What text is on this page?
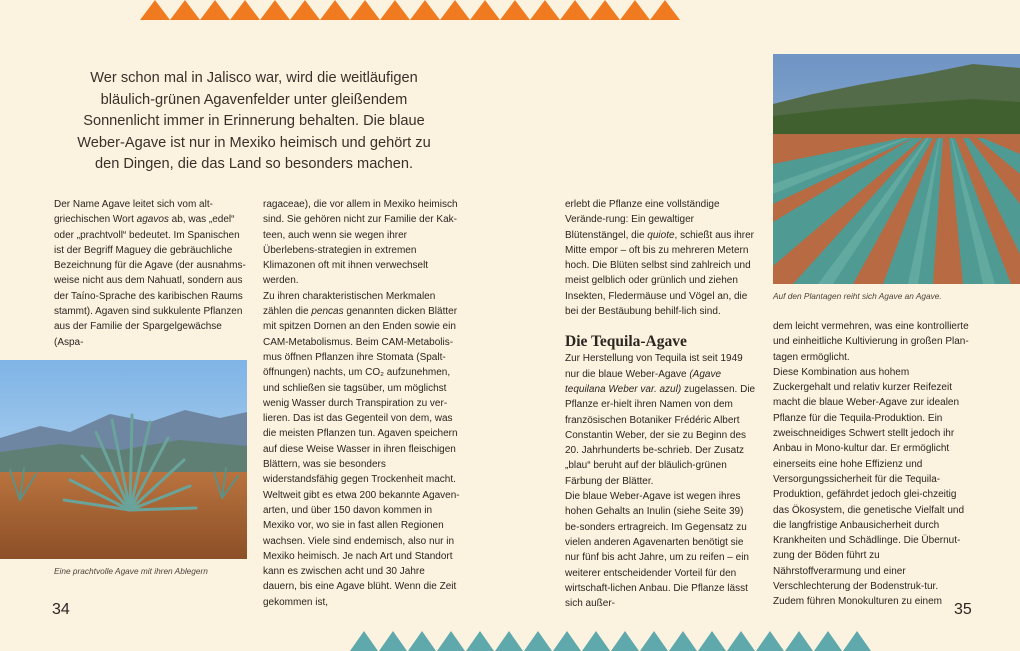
Wer schon mal in Jalisco war, wird die weitläufigen bläulich-grünen Agavenfelder unter gleißendem Sonnenlicht immer in Erinnerung behalten. Die blaue Weber-Agave ist nur in Mexiko heimisch und gehört zu den Dingen, die das Land so besonders machen.

Der Name Agave leitet sich vom alt-griechischen Wort agavos ab, was „edel“ oder „prachtvoll“ bedeutet. Im Spanischen ist der Begriff Maguey die gebräuchliche Bezeichnung für die Agave (der ausnahms-weise nicht aus dem Nahuatl, sondern aus der Taíno-Sprache des karibischen Raums stammt). Agaven sind sukkulente Pflanzen aus der Familie der Spargelgewächse (Aspa-

Eine prachtvolle Agave mit ihren Ablegern

ragaceae), die vor allem in Mexiko heimisch sind. Sie gehören nicht zur Familie der Kak-teen, auch wenn sie wegen ihrer Überlebens-strategien in extremen Klimazonen oft mit ihnen verwechselt werden.

Zu ihren charakteristischen Merkmalen zählen die pencas genannten dicken Blätter mit spitzen Dornen an den Enden sowie ein CAM-Metabolismus. Beim CAM-Metabolis-mus öffnen Pflanzen ihre Stomata (Spalt-öffnungen) nachts, um CO₂ aufzunehmen, und schließen sie tagsüber, um möglichst wenig Wasser durch Transpiration zu ver-lieren. Das ist das Gegenteil von dem, was die meisten Pflanzen tun. Agaven speichern auf diese Weise Wasser in ihren fleischigen Blättern, was sie besonders widerstandsfähig gegen Trockenheit macht.

Weltweit gibt es etwa 200 bekannte Agaven-arten, und über 150 davon kommen in Mexiko vor, wo sie in fast allen Regionen wachsen. Viele sind endemisch, also nur in Mexiko heimisch. Je nach Art und Standort kann es zwischen acht und 30 Jahre dauern, bis eine Agave blüht. Wenn die Zeit gekommen ist,

erlebt die Pflanze eine vollständige Verände-rung: Ein gewaltiger Blütenstängel, die quiote, schießt aus ihrer Mitte empor – oft bis zu mehreren Metern hoch. Die Blüten selbst sind zahlreich und meist gelblich oder grünlich und ziehen Insekten, Fledermäuse und Vögel an, die bei der Bestäubung behilf-lich sind.

Die Tequila-Agave

Zur Herstellung von Tequila ist seit 1949 nur die blaue Weber-Agave (Agave tequilana Weber var. azul) zugelassen. Die Pflanze er-hielt ihren Namen von dem französischen Botaniker Frédéric Albert Constantin Weber, der sie zu Beginn des 20. Jahrhunderts be-schrieb. Der Zusatz „blau“ beruht auf der bläulich-grünen Färbung der Blätter.

Die blaue Weber-Agave ist wegen ihres hohen Gehalts an Inulin (siehe Seite 39) be-sonders ertragreich. Im Gegensatz zu vielen anderen Agavenarten benötigt sie nur fünf bis acht Jahre, um zu reifen – ein weiterer entscheidender Vorteil für den wirtschaft-lichen Anbau. Die Pflanze lässt sich außer-

Auf den Plantagen reiht sich Agave an Agave.

dem leicht vermehren, was eine kontrollierte und einheitliche Kultivierung in großen Plan-tagen ermöglicht.

Diese Kombination aus hohem Zuckergehalt und relativ kurzer Reifezeit macht die blaue Weber-Agave zur idealen Pflanze für die Tequila-Produktion. Ein zweischneidiges Schwert stellt jedoch ihr Anbau in Mono-kultur dar. Er ermöglicht einerseits eine hohe Effizienz und Versorgungssicherheit für die Tequila-Produktion, gefährdet jedoch glei-chzeitig das Ökosystem, die genetische Vielfalt und die langfristige Anbausicherheit durch Krankheiten und Schädlinge. Die Übernut-zung der Böden führt zu Nährstoffverarmung und einer Verschlechterung der Bodenstruk-tur. Zudem führen Monokulturen zu einem

34	35
